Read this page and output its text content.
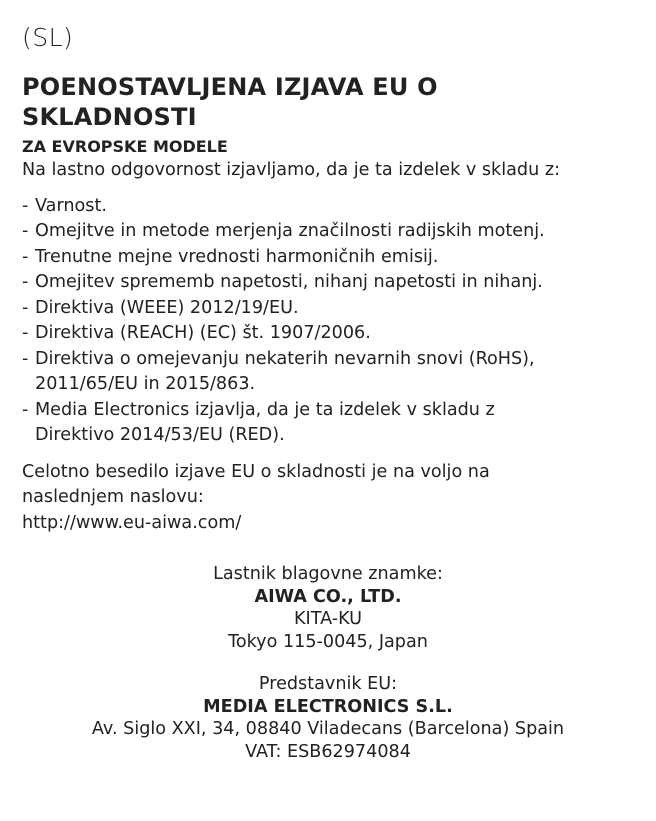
(SL)

POENOSTAVLJENA IZJAVA EU O
SKLADNOSTI

ZA EVROPSKE MODELE

Na lastno odgovornost izjavljamo, da je ta izdelek v skladu z:

- Varnost.
- Omejitve in metode merjenja značilnosti radijskih motenj.
- Trenutne mejne vrednosti harmoničnih emisij.
- Omejitev sprememb napetosti, nihanj napetosti in nihanj.
- Direktiva (WEEE) 2012/19/EU.
- Direktiva (REACH) (EC) št. 1907/2006.
- Direktiva o omejevanju nekaterih nevarnih snovi (RoHS),
2011/65/EU in 2015/863.
- Media Electronics izjavlja, da je ta izdelek v skladu z
Direktivo 2014/53/EU (RED).
Celotno besedilo izjave EU o skladnosti je na voljo na
naslednjem naslovu:
http://www.eu-aiwa.com/
Lastnik blagovne znamke:
AIWA CO., LTD.
KITA-KU
Tokyo 115-0045, Japan
Predstavnik EU:
MEDIA ELECTRONICS S.L.
Av. Siglo XXI, 34, 08840 Viladecans (Barcelona) Spain
VAT: ESB62974084
